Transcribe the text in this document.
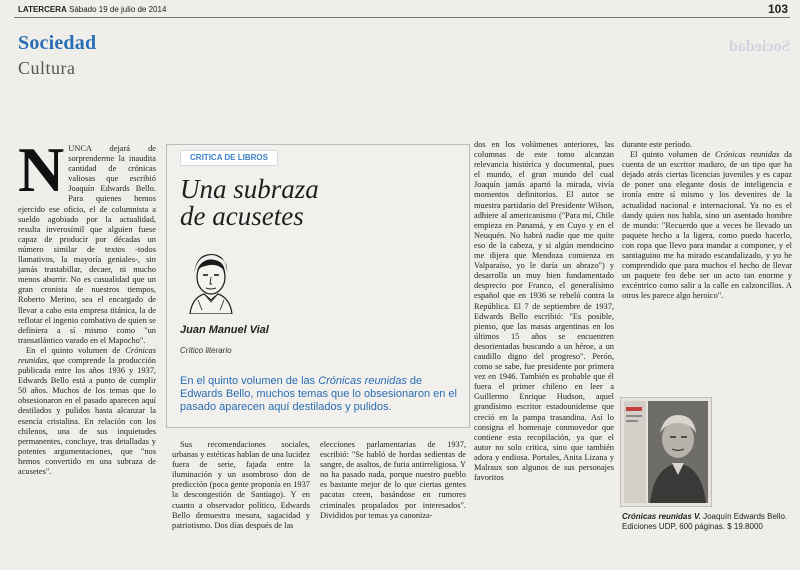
LATERCERA Sábado 19 de julio de 2014	103
Sociedad
Cultura
Sociedad

N UNCA dejará de sorprenderme la inaudita cantidad de crónicas valiosas que escribió Joaquín Edwards Bello. Para quienes hemos ejercido ese oficio, el de columnista a sueldo agobiado por la actualidad, resulta inverosímil que alguien fuese capaz de producir por décadas un número similar de textos -todos llamativos, la mayoría geniales-, sin jamás trastabillar, decaer, ni mucho menos aburrir. No es casualidad que un gran cronista de nuestros tiempos, Roberto Merino, sea el encargado de llevar a cabo esta empresa titánica, la de reflotar el ingenio combativo de quien se definiera a sí mismo como "un transatlántico varado en el Mapocho".

En el quinto volumen de Crónicas reunidas, que comprende la producción publicada entre los años 1936 y 1937, Edwards Bello está a punto de cumplir 50 años. Muchos de los temas que lo obsesionaron en el pasado aparecen aquí destilados y pulidos hasta alcanzar la esencia cristalina. En relación con los chilenos, una de sus inquietudes permanentes, concluye, tras detalladas y potentes argumentaciones, que "nos hemos convertido en una subraza de acusetes".

CRITICA DE LIBROS
Una subraza
de acusetes
Juan Manuel Vial
Crítico literario
En el quinto volumen de las Crónicas reunidas de Edwards Bello, muchos temas que lo obsesionaron en el pasado aparecen aquí destilados y pulidos.

Sus recomendaciones sociales, urbanas y estéticas hablan de una lucidez fuera de serie, fajada entre la iluminación y un asombroso don de predicción (poca gente proponía en 1937 la descongestión de Santiago). Y en cuanto a observador político, Edwards Bello demuestra mesura, sagacidad y patriotismo. Dos días después de las

elecciones parlamentarias de 1937, escribió: "Se habló de hordas sedientas de sangre, de asaltos, de furia antirreligiosa. Y no ha pasado nada, porque nuestro pueblo es bastante mejor de lo que ciertas gentes pacatas creen, basándose en rumores criminales propalados por interesados". Divididos por temas ya canoniza-

dos en los volúmenes anteriores, las columnas de este tomo alcanzan relevancia histórica y documental, pues el mundo, el gran mundo del cual Joaquín jamás apartó la mirada, vivía momentos definitorios. El autor se muestra partidario del Presidente Wilson, adhiere al americanismo ("Para mí, Chile empieza en Panamá, y en Cuyo y en el Neuquén. No habrá nadie que me quite eso de la cabeza, y si algún mendocino me dijera que Mendoza comienza en Valparaíso, yo le daría un abrazo") y desarrolla un muy bien fundamentado desprecio por Franco, el generalísimo español que en 1936 se rebeló contra la República. El 7 de septiembre de 1937, Edwards Bello escribió: "Es posible, pienso, que las masas argentinas en los últimos 15 años se encuentren desorientadas buscando a un héroe, a un caudillo digno del progreso". Perón, como se sabe, fue presidente por primera vez en 1946. También es probable que él fuera el primer chileno en leer a Guillermo Enrique Hudson, aquel grandísimo escritor estadounidense que creció en la pampa trasandina. Así lo consigna el homenaje conmovedor que contiene esta recopilación, ya que el autor no solo critica, sino que también adora y endiosa. Portales, Anita Lizana y Malraux son algunos de sus personajes favoritos

durante este período.

El quinto volumen de Crónicas reunidas da cuenta de un escritor maduro, de un tipo que ha dejado atrás ciertas licencias juveniles y es capaz de poner una elegante dosis de inteligencia e ironía entre sí mismo y los devenires de la actualidad nacional e internacional. Ya no es el dandy quien nos habla, sino un asentado hombre de mundo: "Recuerdo que a veces he llevado un paquete hecho a la ligera, como puedo hacerlo, con ropa que llevo para mandar a componer, y el santiaguino me ha mirado escandalizado, y yo he comprendido que para muchos el hecho de llevar un paquete feo debe ser un acto tan enorme y excéntrico como salir a la calle en calzoncillos. A otros les parece algo heroico".

Crónicas reunidas V. Joaquín Edwards Bello. Ediciones UDP, 600 páginas. $ 19.8000
